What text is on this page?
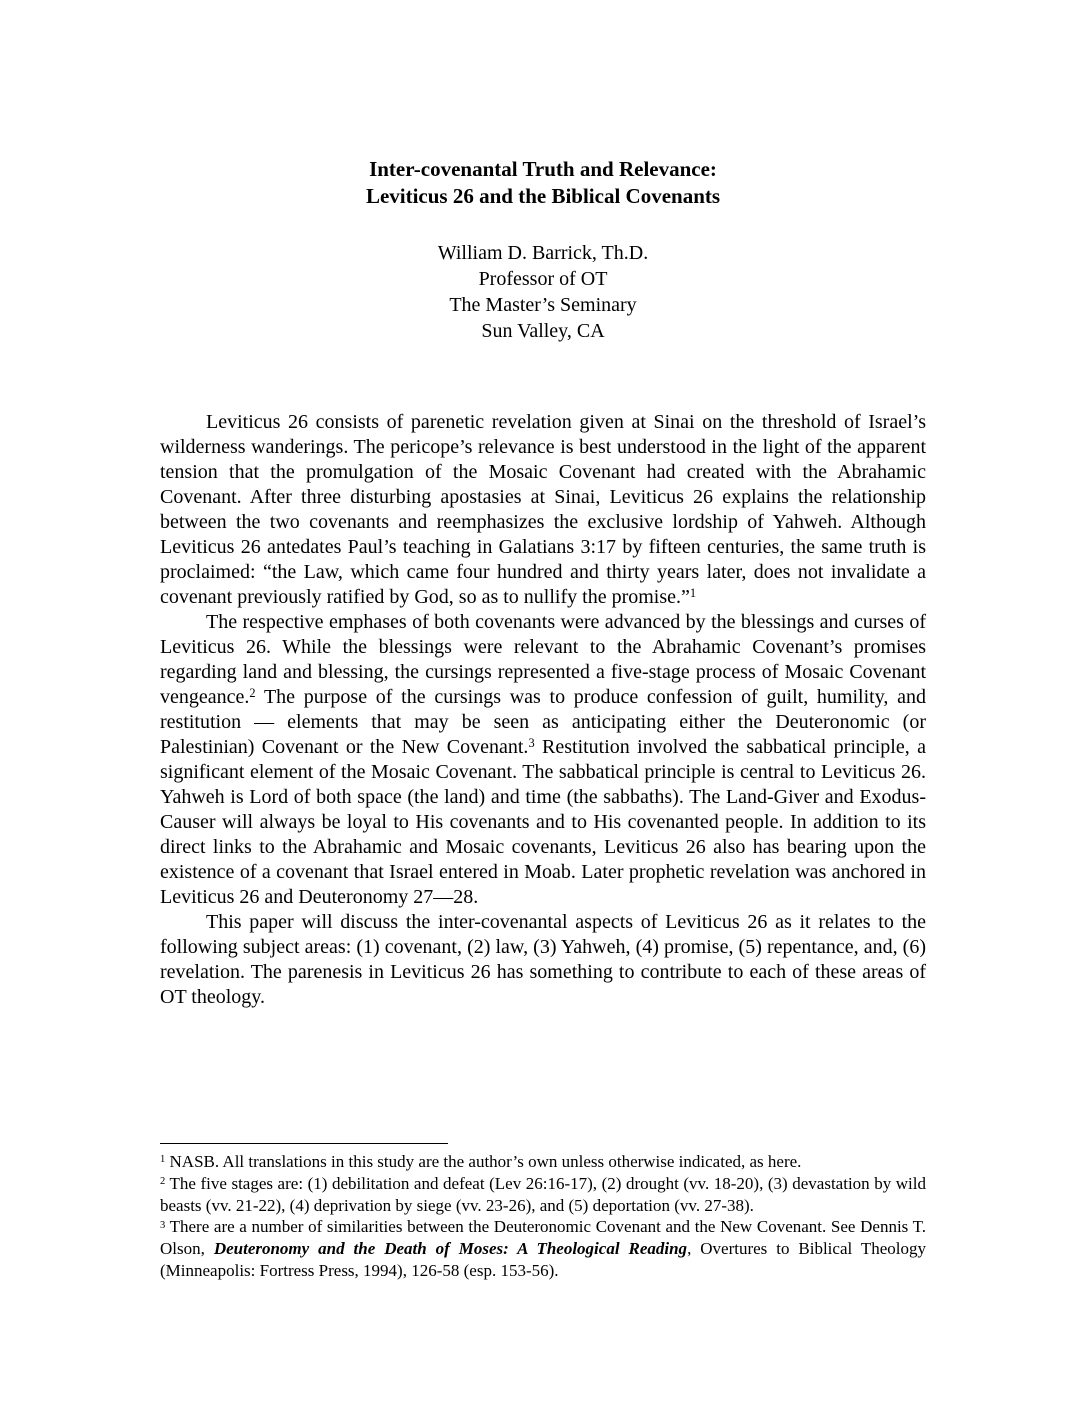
Inter-covenantal Truth and Relevance:
Leviticus 26 and the Biblical Covenants
William D. Barrick, Th.D.
Professor of OT
The Master’s Seminary
Sun Valley, CA

Leviticus 26 consists of parenetic revelation given at Sinai on the threshold of Israel’s wilderness wanderings. The pericope’s relevance is best understood in the light of the apparent tension that the promulgation of the Mosaic Covenant had created with the Abrahamic Covenant. After three disturbing apostasies at Sinai, Leviticus 26 explains the relationship between the two covenants and reemphasizes the exclusive lordship of Yahweh. Although Leviticus 26 antedates Paul’s teaching in Galatians 3:17 by fifteen centuries, the same truth is proclaimed: “the Law, which came four hundred and thirty years later, does not invalidate a covenant previously ratified by God, so as to nullify the promise.”$^1$

The respective emphases of both covenants were advanced by the blessings and curses of Leviticus 26. While the blessings were relevant to the Abrahamic Covenant’s promises regarding land and blessing, the cursings represented a five-stage process of Mosaic Covenant vengeance.$^2$ The purpose of the cursings was to produce confession of guilt, humility, and restitution — elements that may be seen as anticipating either the Deuteronomic (or Palestinian) Covenant or the New Covenant.$^3$ Restitution involved the sabbatical principle, a significant element of the Mosaic Covenant. The sabbatical principle is central to Leviticus 26. Yahweh is Lord of both space (the land) and time (the sabbaths). The Land-Giver and Exodus-Causer will always be loyal to His covenants and to His covenanted people. In addition to its direct links to the Abrahamic and Mosaic covenants, Leviticus 26 also has bearing upon the existence of a covenant that Israel entered in Moab. Later prophetic revelation was anchored in Leviticus 26 and Deuteronomy 27—28.

This paper will discuss the inter-covenantal aspects of Leviticus 26 as it relates to the following subject areas: (1) covenant, (2) law, (3) Yahweh, (4) promise, (5) repentance, and, (6) revelation. The parenesis in Leviticus 26 has something to contribute to each of these areas of OT theology.

$^1$ NASB. All translations in this study are the author’s own unless otherwise indicated, as here.

$^2$ The five stages are: (1) debilitation and defeat (Lev 26:16-17), (2) drought (vv. 18-20), (3) devastation by wild beasts (vv. 21-22), (4) deprivation by siege (vv. 23-26), and (5) deportation (vv. 27-38).

$^3$ There are a number of similarities between the Deuteronomic Covenant and the New Covenant. See Dennis T. Olson, Deuteronomy and the Death of Moses: A Theological Reading, Overtures to Biblical Theology (Minneapolis: Fortress Press, 1994), 126-58 (esp. 153-56).
